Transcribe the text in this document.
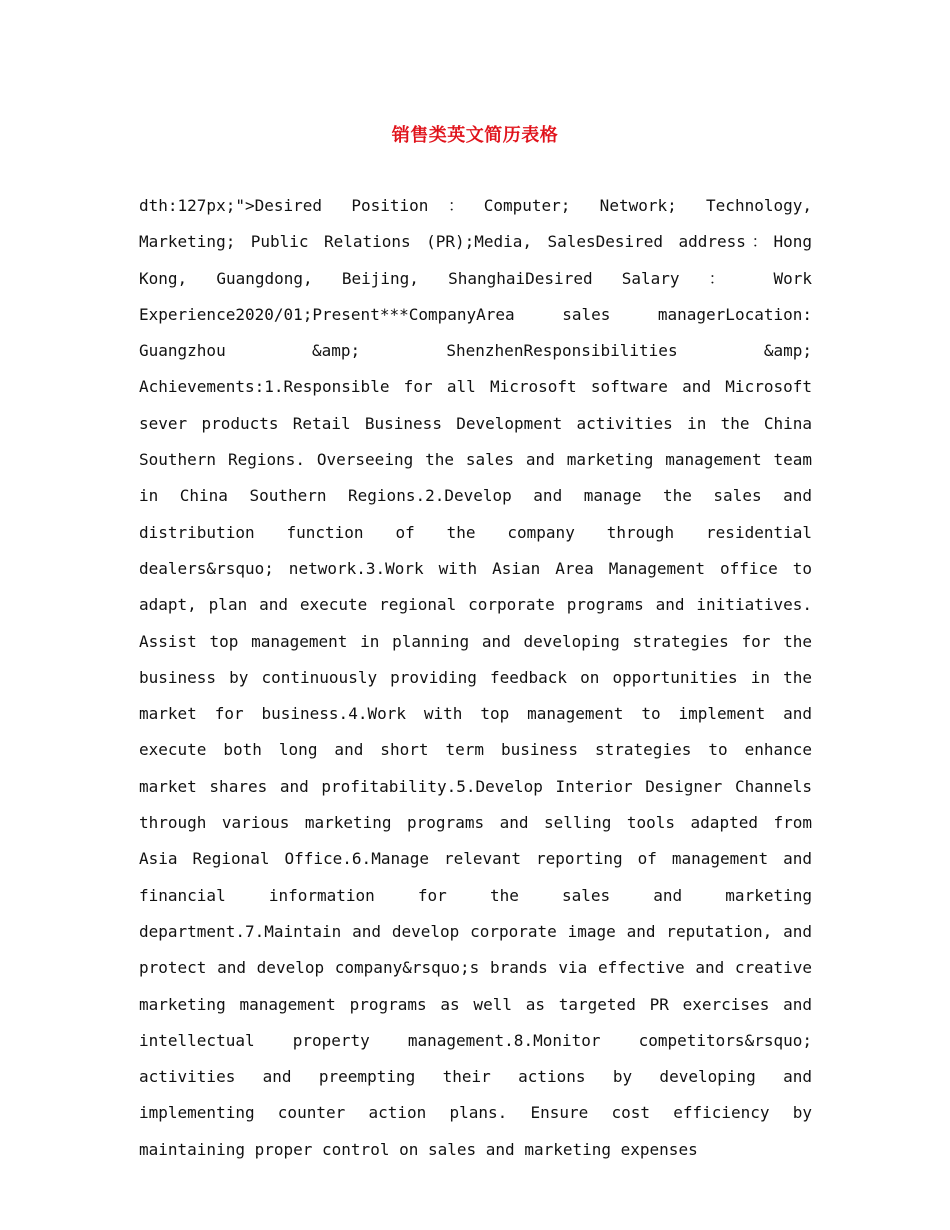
销售类英文简历表格

dth:127px;">Desired Position：Computer; Network; Technology, Marketing; Public Relations (PR);Media, SalesDesired address：Hong Kong, Guangdong, Beijing, ShanghaiDesired Salary ： Work Experience2020/01;Present***CompanyArea sales managerLocation: Guangzhou &amp; ShenzhenResponsibilities &amp; Achievements:1.Responsible for all Microsoft software and Microsoft sever products Retail Business Development activities in the China Southern Regions. Overseeing the sales and marketing management team in China Southern Regions.2.Develop and manage the sales and distribution function of the company through residential dealers&rsquo; network.3.Work with Asian Area Management office to adapt, plan and execute regional corporate programs and initiatives. Assist top management in planning and developing strategies for the business by continuously providing feedback on opportunities in the market for business.4.Work with top management to implement and execute both long and short term business strategies to enhance market shares and profitability.5.Develop Interior Designer Channels through various marketing programs and selling tools adapted from Asia Regional Office.6.Manage relevant reporting of management and financial information for the sales and marketing department.7.Maintain and develop corporate image and reputation, and protect and develop company&rsquo;s brands via effective and creative marketing management programs as well as targeted PR exercises and intellectual property management.8.Monitor competitors&rsquo; activities and preempting their actions by developing and implementing counter action plans. Ensure cost efficiency by maintaining proper control on sales and marketing expenses
